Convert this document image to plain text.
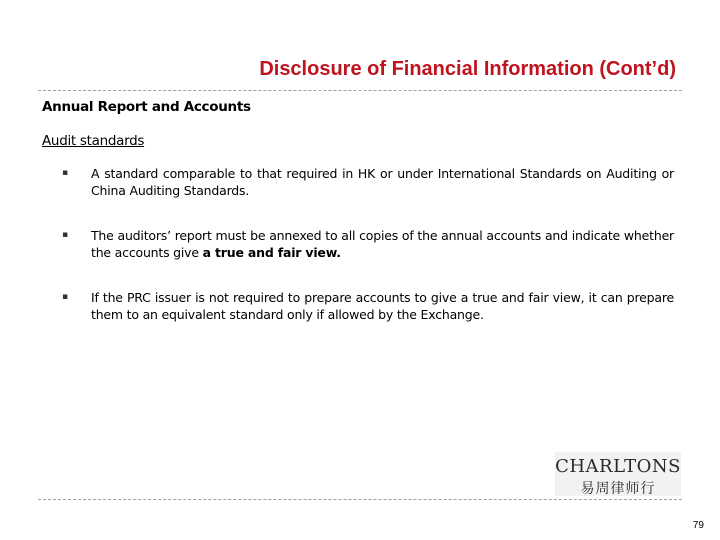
Disclosure of Financial Information (Cont’d)
Annual Report and Accounts
Audit standards
▪ A standard comparable to that required in HK or under International Standards on Auditing or China Auditing Standards.
▪ The auditors’ report must be annexed to all copies of the annual accounts and indicate whether the accounts give a true and fair view.
▪ If the PRC issuer is not required to prepare accounts to give a true and fair view, it can prepare them to an equivalent standard only if allowed by the Exchange.
CHARLTONS
易周律师行
79
